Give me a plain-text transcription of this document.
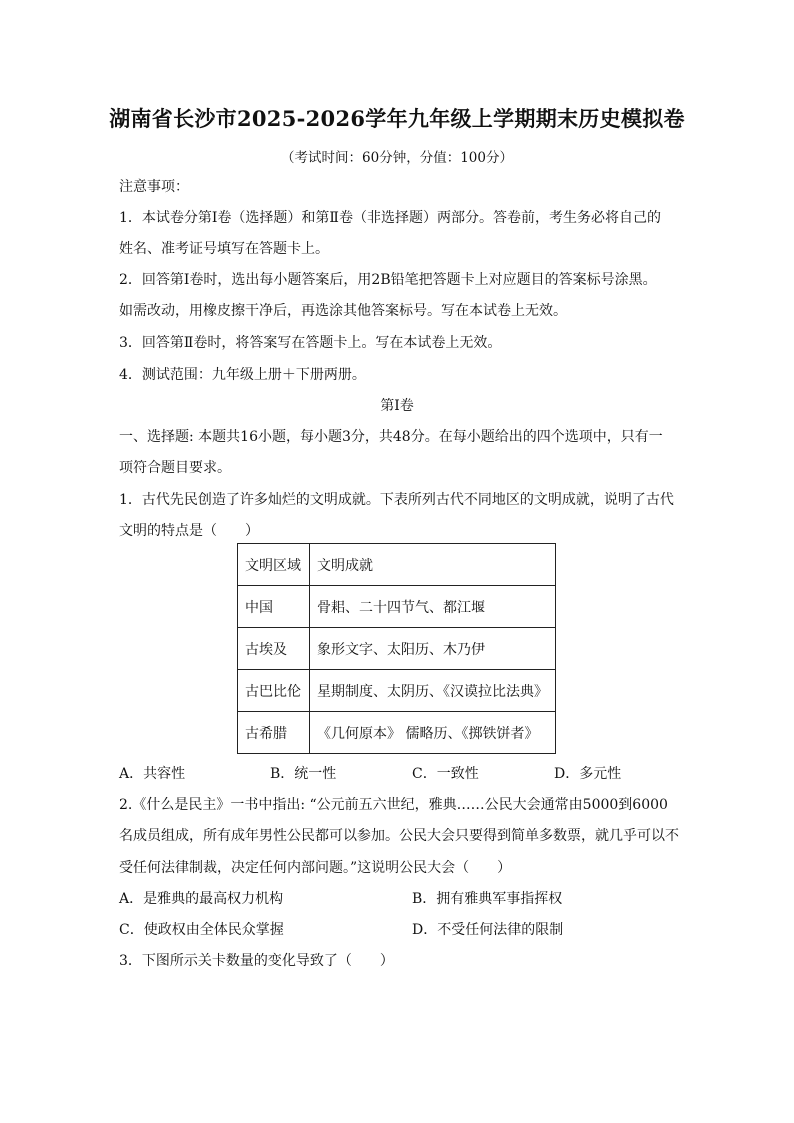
湖南省长沙市2025-2026学年九年级上学期期末历史模拟卷
（考试时间：60分钟，分值：100分）
注意事项：
1．本试卷分第Ⅰ卷（选择题）和第Ⅱ卷（非选择题）两部分。答卷前，考生务必将自己的
姓名、准考证号填写在答题卡上。
2．回答第Ⅰ卷时，选出每小题答案后，用2B铅笔把答题卡上对应题目的答案标号涂黑。
如需改动，用橡皮擦干净后，再选涂其他答案标号。写在本试卷上无效。
3．回答第Ⅱ卷时，将答案写在答题卡上。写在本试卷上无效。
4．测试范围：九年级上册＋下册两册。
第Ⅰ卷
一、选择题: 本题共16小题，每小题3分，共48分。在每小题给出的四个选项中，只有一
项符合题目要求。
1．古代先民创造了许多灿烂的文明成就。下表所列古代不同地区的文明成就，说明了古代
文明的特点是（　　）
文明区域	文明成就
中国	骨耜、二十四节气、都江堰
古埃及	象形文字、太阳历、木乃伊
古巴比伦	星期制度、太阴历、《汉谟拉比法典》
古希腊	《几何原本》 儒略历、《掷铁饼者》
A．共容性	B．统一性	C．一致性	D．多元性
2.《什么是民主》一书中指出: “公元前五六世纪，雅典……公民大会通常由5000到6000
名成员组成，所有成年男性公民都可以参加。公民大会只要得到简单多数票，就几乎可以不
受任何法律制裁，决定任何内部问题。”这说明公民大会（　　）
A．是雅典的最高权力机构	B．拥有雅典军事指挥权
C．使政权由全体民众掌握	D．不受任何法律的限制
3．下图所示关卡数量的变化导致了（　　）
